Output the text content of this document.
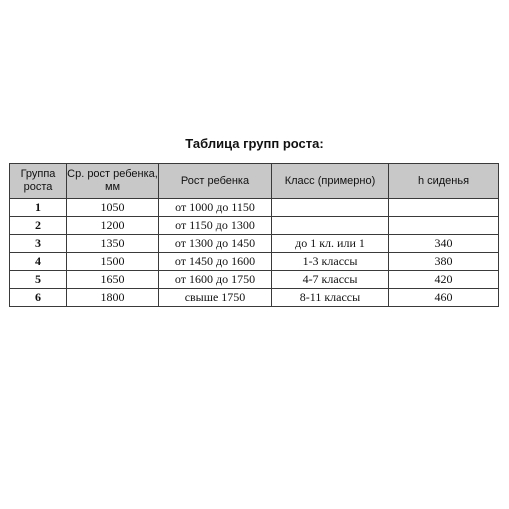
Таблица групп роста:
Группа роста	Ср. рост ребенка, мм	Рост ребенка	Класс (примерно)	h сиденья
1	1050	от 1000 до 1150		
2	1200	от 1150 до 1300		
3	1350	от 1300 до 1450	до 1 кл. или 1	340
4	1500	от 1450 до 1600	1-3 классы	380
5	1650	от 1600 до 1750	4-7 классы	420
6	1800	свыше 1750	8-11 классы	460
